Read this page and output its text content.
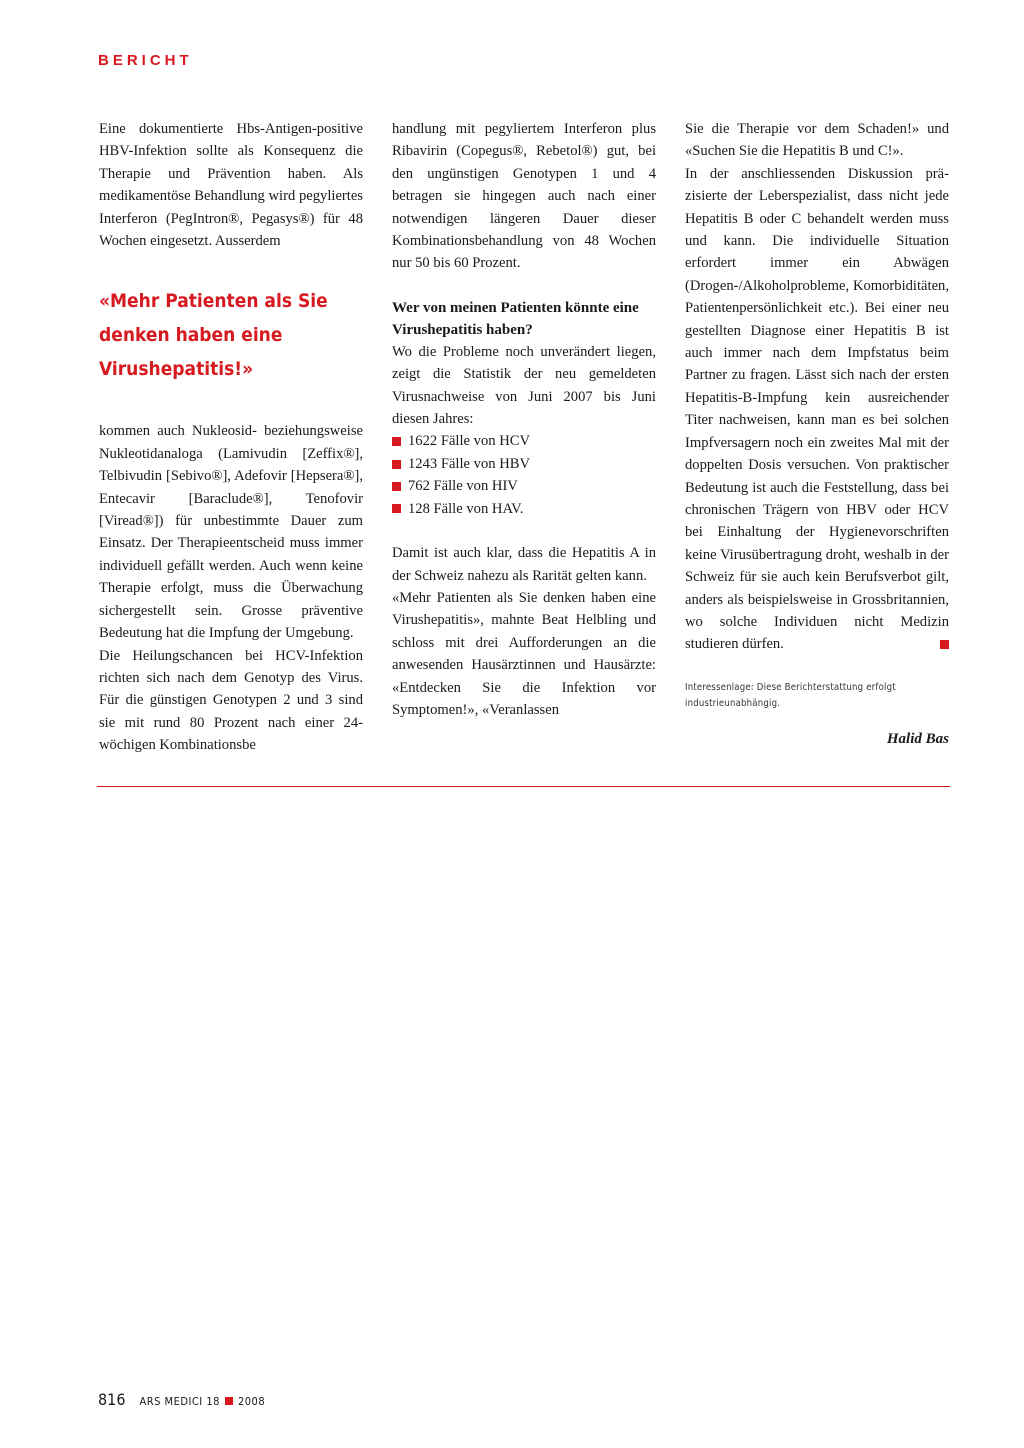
BERICHT

Eine dokumentierte Hbs-Antigen-positive HBV-Infektion sollte als Konsequenz die Therapie und Prävention haben. Als medikamentöse Behandlung wird pegyliertes Interferon (PegIntron®, Pegasys®) für 48 Wochen eingesetzt. Ausserdem

«Mehr Patienten als Sie denken haben eine Virushepatitis!»

kommen auch Nukleosid- beziehungsweise Nukleotidanaloga (Lamivudin [Zeffix®], Telbivudin [Sebivo®], Adefovir [Hepsera®], Entecavir [Baraclude®], Tenofovir [Viread®]) für unbestimmte Dauer zum Einsatz. Der Therapieentscheid muss immer individuell gefällt werden. Auch wenn keine Therapie erfolgt, muss die Überwachung sichergestellt sein. Grosse präventive Bedeutung hat die Impfung der Umgebung.

Die Heilungschancen bei HCV-Infektion richten sich nach dem Genotyp des Virus. Für die günstigen Genotypen 2 und 3 sind sie mit rund 80 Prozent nach einer 24-wöchigen Kombinationsbe

handlung mit pegyliertem Interferon plus Ribavirin (Copegus®, Rebetol®) gut, bei den ungünstigen Genotypen 1 und 4 betragen sie hingegen auch nach einer notwendigen längeren Dauer dieser Kombinationsbehandlung von 48 Wochen nur 50 bis 60 Prozent.

Wer von meinen Patienten könnte eine Virushepatitis haben?

Wo die Probleme noch unverändert liegen, zeigt die Statistik der neu gemeldeten Virusnachweise von Juni 2007 bis Juni diesen Jahres:

1622 Fälle von HCV
1243 Fälle von HBV
762 Fälle von HIV
128 Fälle von HAV.

Damit ist auch klar, dass die Hepatitis A in der Schweiz nahezu als Rarität gelten kann.

«Mehr Patienten als Sie denken haben eine Virushepatitis», mahnte Beat Helbling und schloss mit drei Aufforderungen an die anwesenden Hausärztinnen und Hausärzte: «Entdecken Sie die Infektion vor Symptomen!», «Veranlassen

Sie die Therapie vor dem Schaden!» und «Suchen Sie die Hepatitis B und C!».

In der anschliessenden Diskussion präzisierte der Leberspezialist, dass nicht jede Hepatitis B oder C behandelt werden muss und kann. Die individuelle Situation erfordert immer ein Abwägen (Drogen-/Alkoholprobleme, Komorbiditäten, Patientenpersönlichkeit etc.). Bei einer neu gestellten Diagnose einer Hepatitis B ist auch immer nach dem Impfstatus beim Partner zu fragen. Lässt sich nach der ersten Hepatitis-B-Impfung kein ausreichender Titer nachweisen, kann man es bei solchen Impfversagern noch ein zweites Mal mit der doppelten Dosis versuchen. Von praktischer Bedeutung ist auch die Feststellung, dass bei chronischen Trägern von HBV oder HCV bei Einhaltung der Hygienevorschriften keine Virusübertragung droht, weshalb in der Schweiz für sie auch kein Berufsverbot gilt, anders als beispielsweise in Grossbritannien, wo solche Individuen nicht Medizin studieren dürfen.

Interessenlage: Diese Berichterstattung erfolgt industrieunabhängig.
Halid Bas
816 ARS MEDICI 18 2008
